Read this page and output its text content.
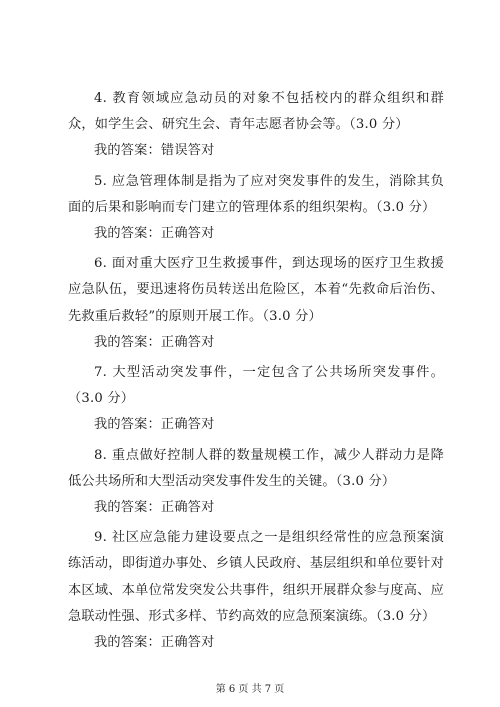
4. 教育领域应急动员的对象不包括校内的群众组织和群众，如学生会、研究生会、青年志愿者协会等。（3.0 分）

我的答案：错误答对

5. 应急管理体制是指为了应对突发事件的发生，消除其负面的后果和影响而专门建立的管理体系的组织架构。（3.0 分）

我的答案：正确答对

6. 面对重大医疗卫生救援事件，到达现场的医疗卫生救援应急队伍，要迅速将伤员转送出危险区，本着“先救命后治伤、先救重后救轻”的原则开展工作。（3.0 分）

我的答案：正确答对

7. 大型活动突发事件，一定包含了公共场所突发事件。（3.0 分）

我的答案：正确答对

8. 重点做好控制人群的数量规模工作，减少人群动力是降低公共场所和大型活动突发事件发生的关键。（3.0 分）

我的答案：正确答对

9. 社区应急能力建设要点之一是组织经常性的应急预案演练活动，即街道办事处、乡镇人民政府、基层组织和单位要针对本区域、本单位常发突发公共事件，组织开展群众参与度高、应急联动性强、形式多样、节约高效的应急预案演练。（3.0 分）

我的答案：正确答对

第 6 页 共 7 页
